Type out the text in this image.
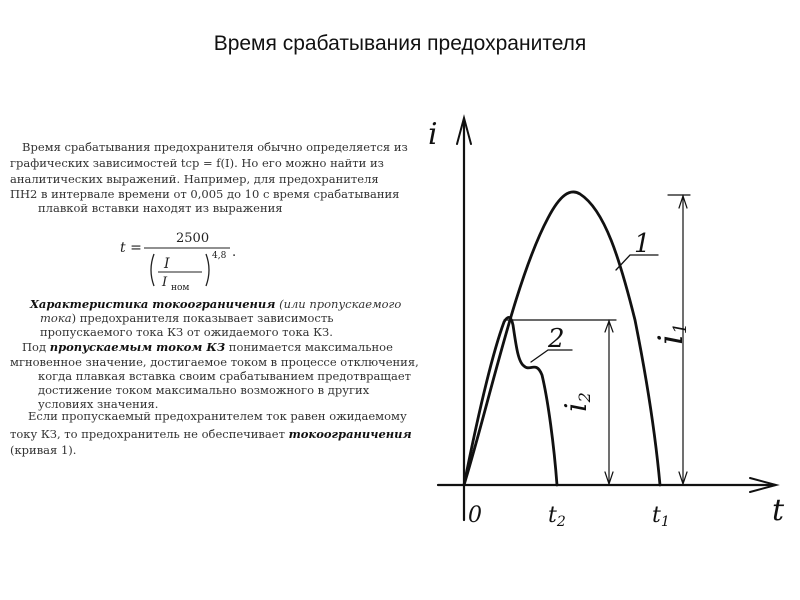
Время срабатывания предохранителя
Время срабатывания предохранителя обычно определяется из
графических зависимостей tср = f(I). Но его можно найти из
аналитических выражений. Например, для предохранителя
ПН2 в интервале времени от 0,005 до 10 с время срабатывания
плавкой вставки находят из выражения
t =
2500
I
I ном
4,8 .
Характеристика токоограничения (или пропускаемого
тока) предохранителя показывает зависимость
пропускаемого тока КЗ от ожидаемого тока КЗ.
Под пропускаемым током КЗ понимается максимальное
мгновенное значение, достигаемое током в процессе отключения,
когда плавкая вставка своим срабатыванием предотвращает
достижение током максимально возможного в других
условиях значения.
Если пропускаемый предохранителем ток равен ожидаемому
току КЗ, то предохранитель не обеспечивает токоограничения
(кривая 1).
i
t
0	t2	t1
1
2	i1
i2
